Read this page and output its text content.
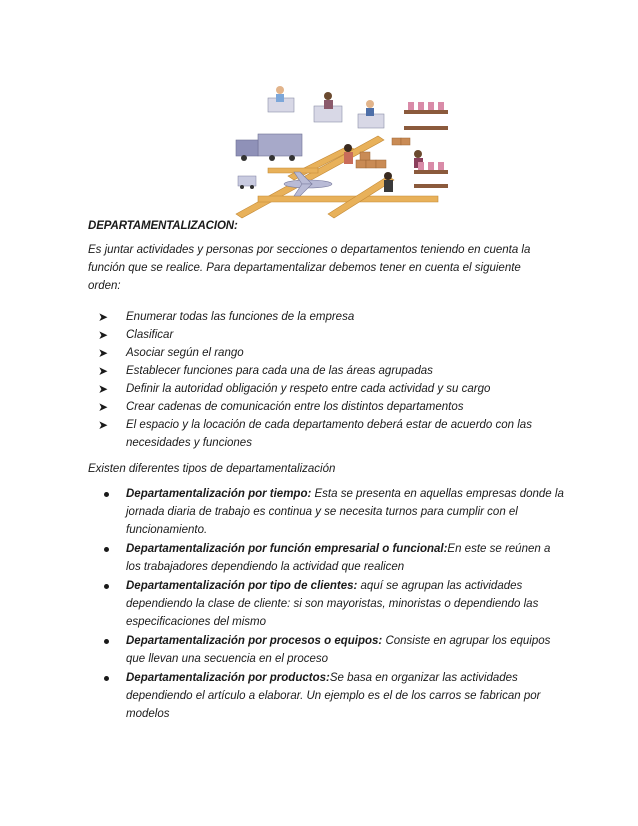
DEPARTAMENTALIZACION:
Es juntar actividades y personas por secciones o departamentos teniendo en cuenta la función que se realice. Para departamentalizar debemos tener en cuenta el siguiente orden:
➤ Enumerar todas las funciones de la empresa
➤ Clasificar
➤ Asociar según el rango
➤ Establecer funciones para cada una de las áreas agrupadas
➤ Definir la autoridad obligación y respeto entre cada actividad y su cargo
➤ Crear cadenas de comunicación entre los distintos departamentos
➤ El espacio y la locación de cada departamento deberá estar de acuerdo con las necesidades y funciones
Existen diferentes tipos de departamentalización
Departamentalización por tiempo: Esta se presenta en aquellas empresas donde la jornada diaria de trabajo es continua y se necesita turnos para cumplir con el funcionamiento.
Departamentalización por función empresarial o funcional:En este se reúnen a los trabajadores dependiendo la actividad que realicen
Departamentalización por tipo de clientes: aquí se agrupan las actividades dependiendo la clase de cliente: si son mayoristas, minoristas o dependiendo las especificaciones del mismo
Departamentalización por procesos o equipos: Consiste en agrupar los equipos que llevan una secuencia en el proceso
Departamentalización por productos:Se basa en organizar las actividades dependiendo el artículo a elaborar. Un ejemplo es el de los carros se fabrican por modelos
